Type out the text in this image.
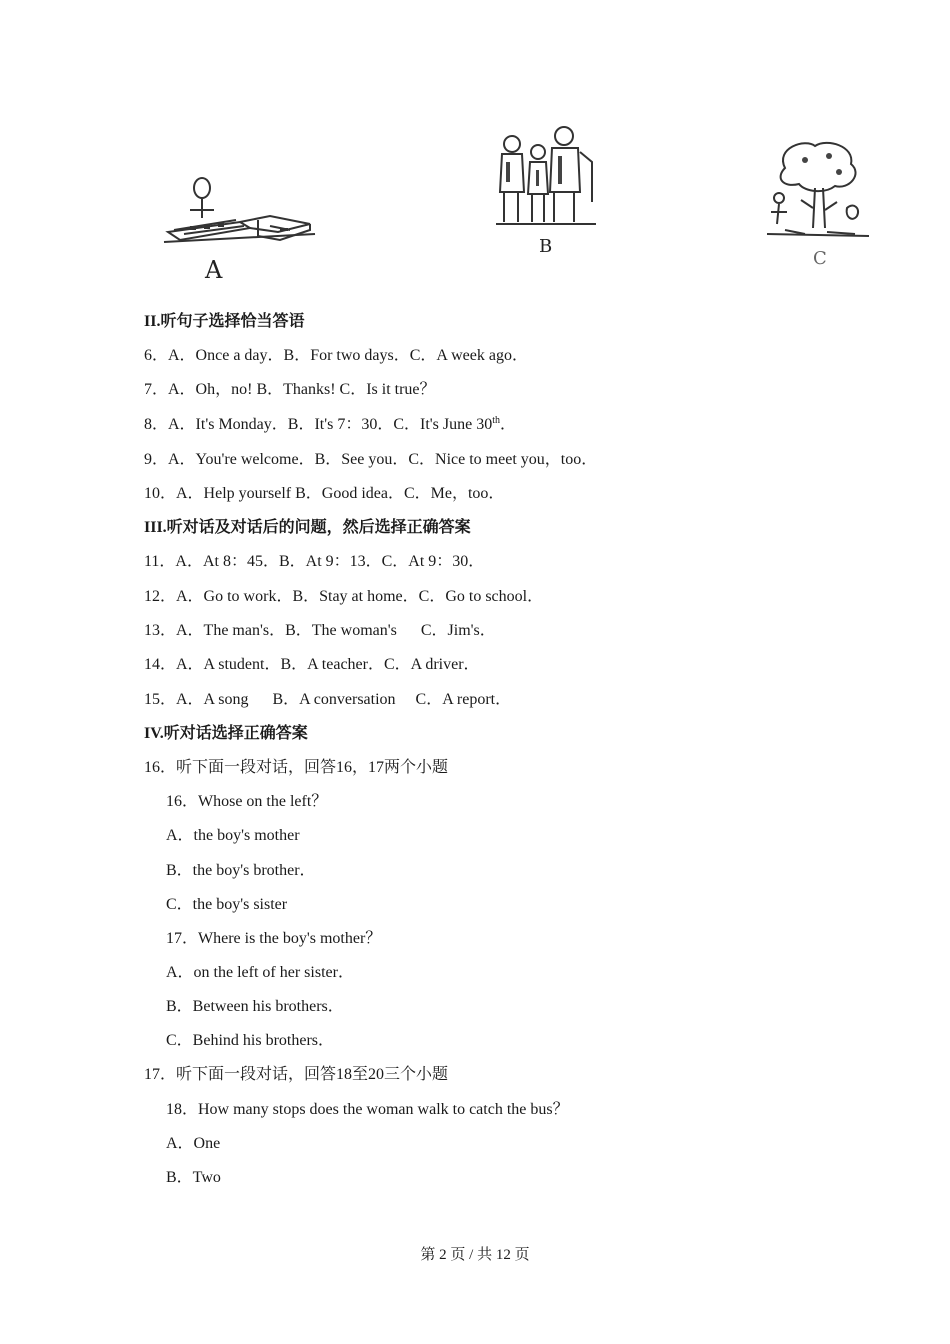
A
B
C
II.听句子选择恰当答语
6．A．Once a day．B．For two days．C．A week ago．
7．A．Oh，no! B．Thanks! C．Is it true？
8．A．It's Monday．B．It's 7：30．C．It's June 30th．
9．A．You're welcome．B．See you．C．Nice to meet you，too．
10．A．Help yourself B．Good idea．C．Me，too．
III.听对话及对话后的问题，然后选择正确答案
11．A．At 8：45．B．At 9：13．C．At 9：30．
12．A．Go to work．B．Stay at home．C．Go to school．
13．A．The man's．B．The woman's      C．Jim's．
14．A．A student．B．A teacher．C．A driver．
15．A．A song      B．A conversation     C．A report．
IV.听对话选择正确答案
16．听下面一段对话，回答16，17两个小题
16．Whose on the left？
A．the boy's mother
B．the boy's brother．
C．the boy's sister
17．Where is the boy's mother？
A．on the left of her sister．
B．Between his brothers．
C．Behind his brothers．
17．听下面一段对话，回答18至20三个小题
18．How many stops does the woman walk to catch the bus？
A．One
B．Two
第 2 页 / 共 12 页
